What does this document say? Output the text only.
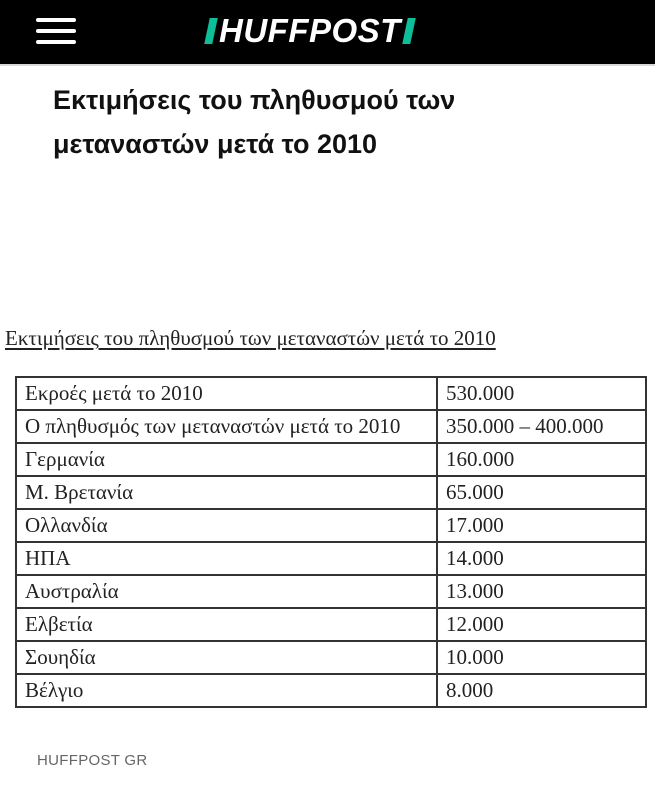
HUFFPOST
Εκτιμήσεις του πληθυσμού των μεταναστών μετά το 2010
Εκτιμήσεις του πληθυσμού των μεταναστών μετά το 2010
Εκροές μετά το 2010	530.000
Ο πληθυσμός των μεταναστών μετά το 2010	350.000 – 400.000
Γερμανία	160.000
Μ. Βρετανία	65.000
Ολλανδία	17.000
ΗΠΑ	14.000
Αυστραλία	13.000
Ελβετία	12.000
Σουηδία	10.000
Βέλγιο	8.000
HUFFPOST GR
